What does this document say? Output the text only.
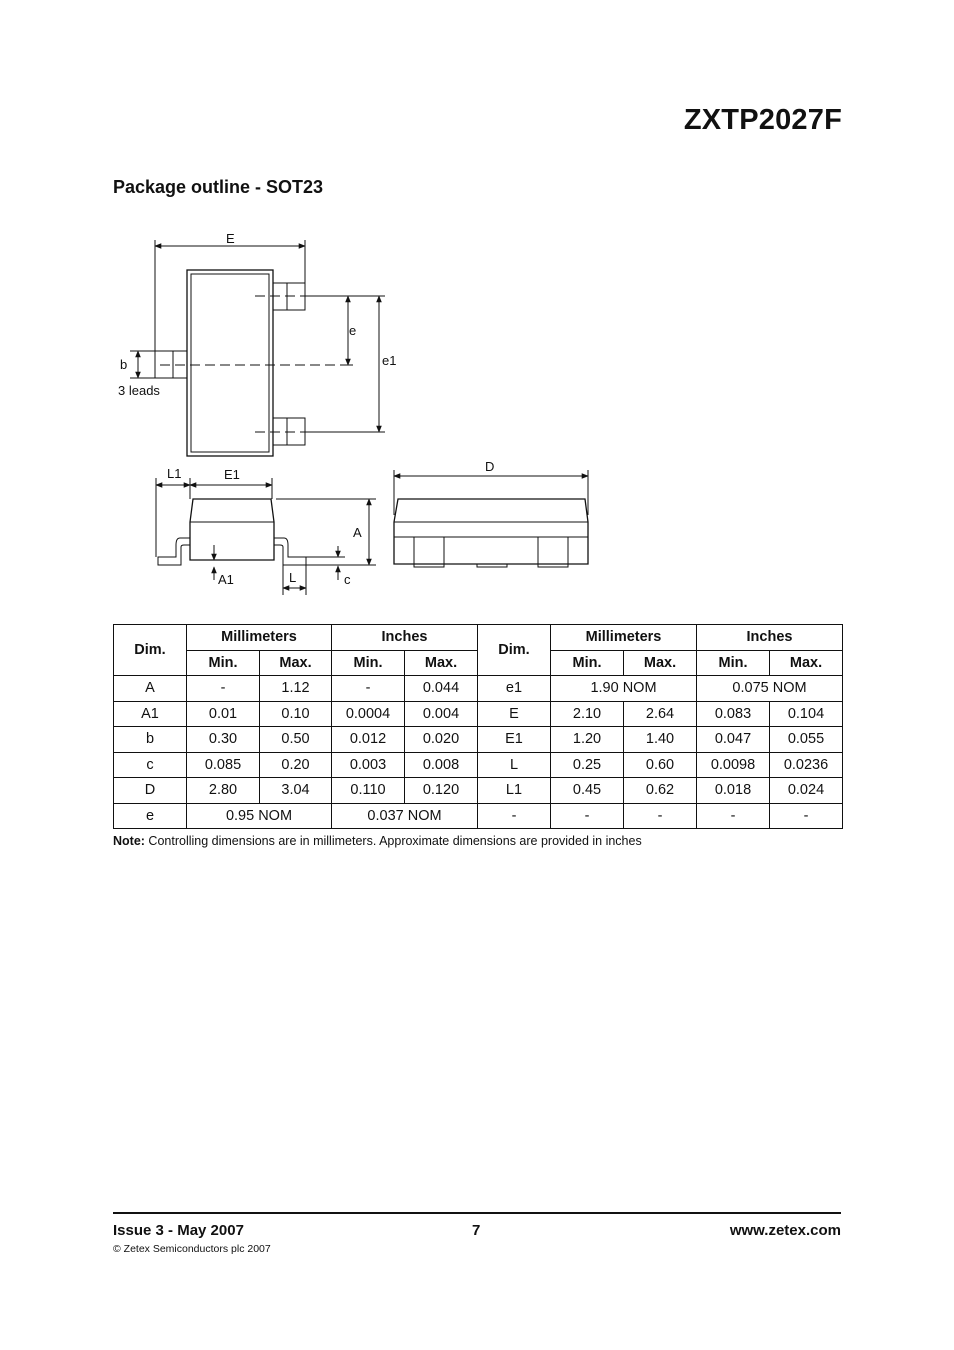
ZXTP2027F
Package outline - SOT23
E
e
e1
b
3 leads
L1	E1
D
A
A1	L	c
Dim.	Millimeters		Inches		Dim.	Millimeters		Inches	
	Min.	Max.	Min.	Max.		Min.	Max.	Min.	Max.
A	-	1.12	-	0.044	e1	1.90 NOM		0.075 NOM	
A1	0.01	0.10	0.0004	0.004	E	2.10	2.64	0.083	0.104
b	0.30	0.50	0.012	0.020	E1	1.20	1.40	0.047	0.055
c	0.085	0.20	0.003	0.008	L	0.25	0.60	0.0098	0.0236
D	2.80	3.04	0.110	0.120	L1	0.45	0.62	0.018	0.024
e	0.95 NOM		0.037 NOM		-	-	-	-	-
Note: Controlling dimensions are in millimeters. Approximate dimensions are provided in inches
Issue 3 - May 2007	7	www.zetex.com
© Zetex Semiconductors plc 2007
